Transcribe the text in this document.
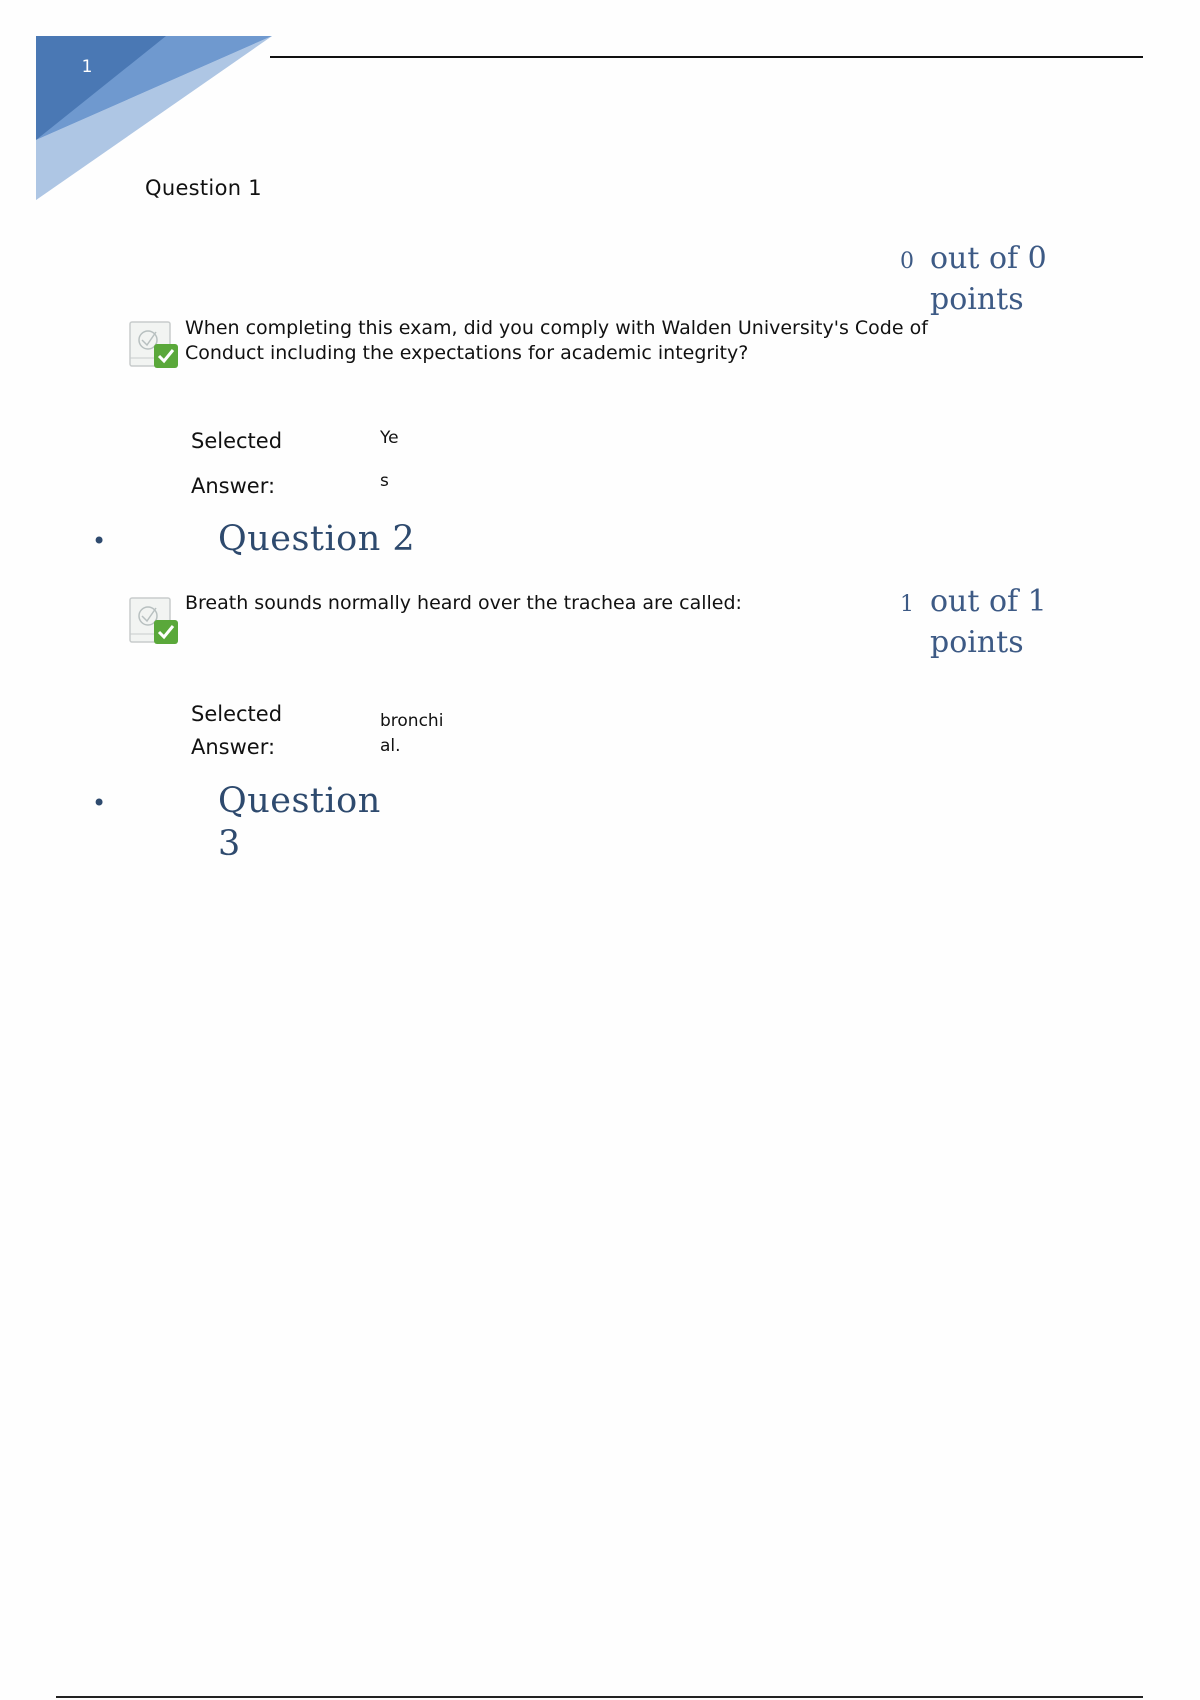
1
Question 1
0 out of 0
points
When completing this exam, did you comply with Walden University's Code of
Conduct including the expectations for academic integrity?
Selected
Answer:
Ye
s
•	Question 2
1 out of 1
points
Breath sounds normally heard over the trachea are called:
Selected
Answer:
bronchi
al.
•	Question
3
